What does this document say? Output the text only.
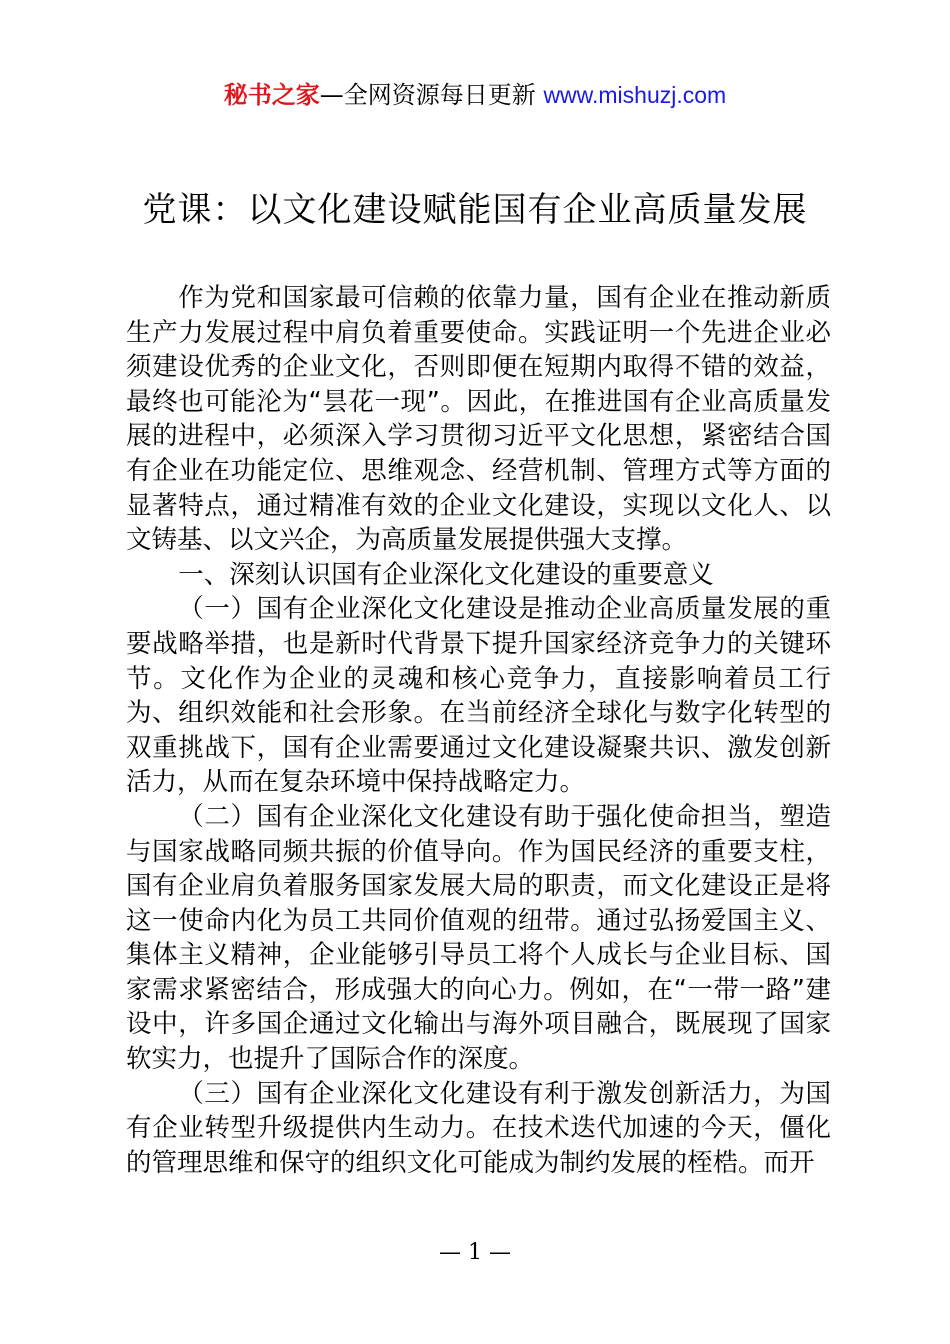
秘书之家—全网资源每日更新 www.mishuzj.com
党课：以文化建设赋能国有企业高质量发展

作为党和国家最可信赖的依靠力量，国有企业在推动新质生产力发展过程中肩负着重要使命。实践证明一个先进企业必须建设优秀的企业文化，否则即便在短期内取得不错的效益，最终也可能沦为“昙花一现”。因此，在推进国有企业高质量发展的进程中，必须深入学习贯彻习近平文化思想，紧密结合国有企业在功能定位、思维观念、经营机制、管理方式等方面的显著特点，通过精准有效的企业文化建设，实现以文化人、以文铸基、以文兴企，为高质量发展提供强大支撑。

一、深刻认识国有企业深化文化建设的重要意义

（一）国有企业深化文化建设是推动企业高质量发展的重要战略举措，也是新时代背景下提升国家经济竞争力的关键环节。文化作为企业的灵魂和核心竞争力，直接影响着员工行为、组织效能和社会形象。在当前经济全球化与数字化转型的双重挑战下，国有企业需要通过文化建设凝聚共识、激发创新活力，从而在复杂环境中保持战略定力。

（二）国有企业深化文化建设有助于强化使命担当，塑造与国家战略同频共振的价值导向。作为国民经济的重要支柱，国有企业肩负着服务国家发展大局的职责，而文化建设正是将这一使命内化为员工共同价值观的纽带。通过弘扬爱国主义、集体主义精神，企业能够引导员工将个人成长与企业目标、国家需求紧密结合，形成强大的向心力。例如，在“一带一路”建设中，许多国企通过文化输出与海外项目融合，既展现了国家软实力，也提升了国际合作的深度。

（三）国有企业深化文化建设有利于激发创新活力，为国有企业转型升级提供内生动力。在技术迭代加速的今天，僵化的管理思维和保守的组织文化可能成为制约发展的桎梏。而开

— 1 —
